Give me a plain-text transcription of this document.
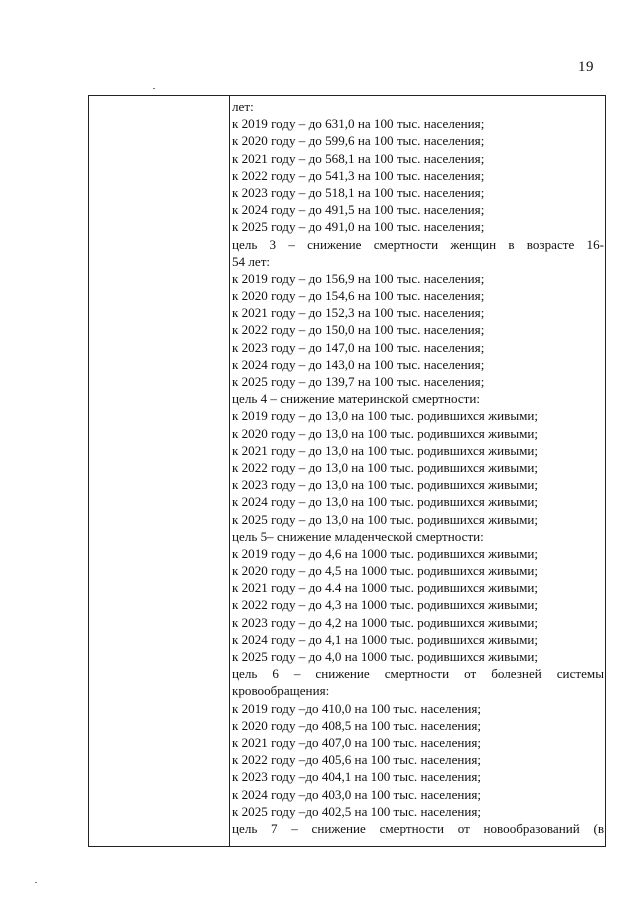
19
лет:
к 2019 году – до 631,0 на 100 тыс. населения;
к 2020 году – до 599,6 на 100 тыс. населения;
к 2021 году – до 568,1 на 100 тыс. населения;
к 2022 году – до 541,3 на 100 тыс. населения;
к 2023 году – до 518,1 на 100 тыс. населения;
к 2024 году – до 491,5 на 100 тыс. населения;
к 2025 году – до 491,0 на 100 тыс. населения;
цель 3 – снижение смертности женщин в возрасте 16-
54 лет:
к 2019 году – до 156,9 на 100 тыс. населения;
к 2020 году – до 154,6 на 100 тыс. населения;
к 2021 году – до 152,3 на 100 тыс. населения;
к 2022 году – до 150,0 на 100 тыс. населения;
к 2023 году – до 147,0 на 100 тыс. населения;
к 2024 году – до 143,0 на 100 тыс. населения;
к 2025 году – до 139,7 на 100 тыс. населения;
цель 4 – снижение материнской смертности:
к 2019 году – до 13,0 на 100 тыс. родившихся живыми;
к 2020 году – до 13,0 на 100 тыс. родившихся живыми;
к 2021 году – до 13,0 на 100 тыс. родившихся живыми;
к 2022 году – до 13,0 на 100 тыс. родившихся живыми;
к 2023 году – до 13,0 на 100 тыс. родившихся живыми;
к 2024 году – до 13,0 на 100 тыс. родившихся живыми;
к 2025 году – до 13,0 на 100 тыс. родившихся живыми;
цель 5– снижение младенческой смертности:
к 2019 году – до 4,6 на 1000 тыс. родившихся живыми;
к 2020 году – до 4,5 на 1000 тыс. родившихся живыми;
к 2021 году – до 4.4 на 1000 тыс. родившихся живыми;
к 2022 году – до 4,3 на 1000 тыс. родившихся живыми;
к 2023 году – до 4,2 на 1000 тыс. родившихся живыми;
к 2024 году – до 4,1 на 1000 тыс. родившихся живыми;
к 2025 году – до 4,0 на 1000 тыс. родившихся живыми;
цель 6 – снижение смертности от болезней системы
кровообращения:
к 2019 году –до 410,0 на 100 тыс. населения;
к 2020 году –до 408,5 на 100 тыс. населения;
к 2021 году –до 407,0 на 100 тыс. населения;
к 2022 году –до 405,6 на 100 тыс. населения;
к 2023 году –до 404,1 на 100 тыс. населения;
к 2024 году –до 403,0 на 100 тыс. населения;
к 2025 году –до 402,5 на 100 тыс. населения;
цель 7 – снижение смертности от новообразований (в
